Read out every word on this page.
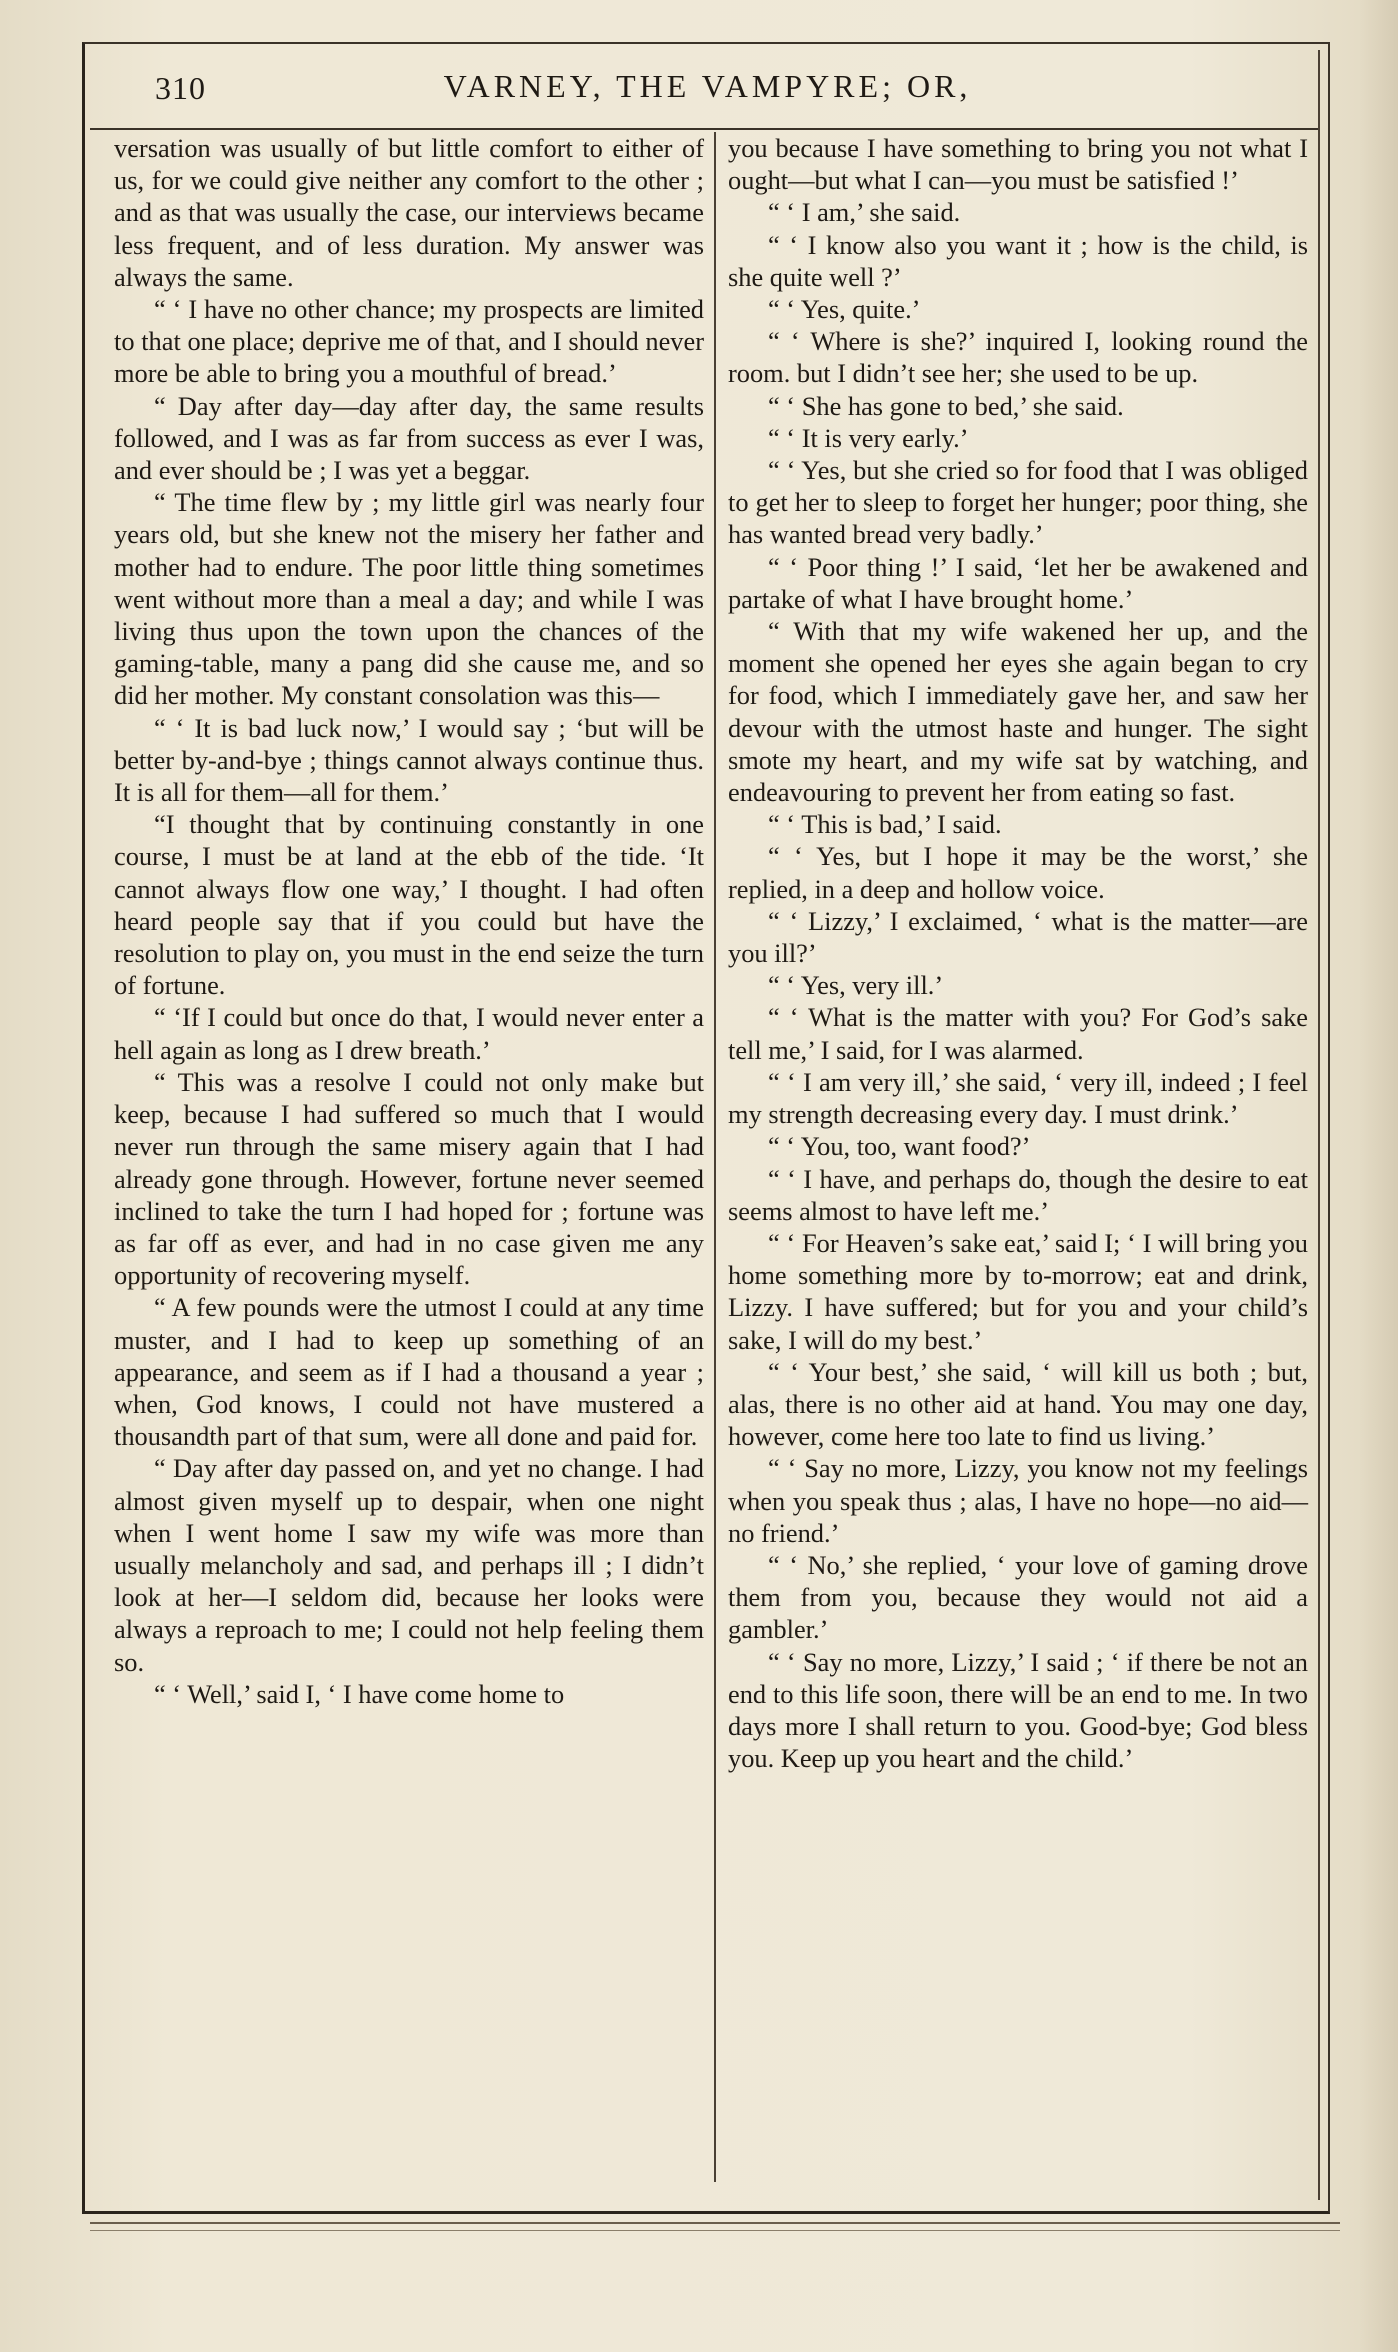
310	VARNEY, THE VAMPYRE; OR,

versation was usually of but little comfort to either of us, for we could give neither any comfort to the other ; and as that was usually the case, our interviews became less frequent, and of less duration. My answer was always the same.

“ ‘ I have no other chance; my prospects are limited to that one place; deprive me of that, and I should never more be able to bring you a mouthful of bread.’

“ Day after day—day after day, the same results followed, and I was as far from success as ever I was, and ever should be ; I was yet a beggar.

“ The time flew by ; my little girl was nearly four years old, but she knew not the misery her father and mother had to endure. The poor little thing sometimes went without more than a meal a day; and while I was living thus upon the town upon the chances of the gaming-table, many a pang did she cause me, and so did her mother. My constant consolation was this—

“ ‘ It is bad luck now,’ I would say ; ‘but will be better by-and-bye ; things cannot always continue thus. It is all for them—all for them.’

“I thought that by continuing constantly in one course, I must be at land at the ebb of the tide. ‘It cannot always flow one way,’ I thought. I had often heard people say that if you could but have the resolution to play on, you must in the end seize the turn of fortune.

“ ‘If I could but once do that, I would never enter a hell again as long as I drew breath.’

“ This was a resolve I could not only make but keep, because I had suffered so much that I would never run through the same misery again that I had already gone through. However, fortune never seemed inclined to take the turn I had hoped for ; fortune was as far off as ever, and had in no case given me any opportunity of recovering myself.

“ A few pounds were the utmost I could at any time muster, and I had to keep up something of an appearance, and seem as if I had a thousand a year ; when, God knows, I could not have mustered a thousandth part of that sum, were all done and paid for.

“ Day after day passed on, and yet no change. I had almost given myself up to despair, when one night when I went home I saw my wife was more than usually melancholy and sad, and perhaps ill ; I didn’t look at her—I seldom did, because her looks were always a reproach to me; I could not help feeling them so.

“ ‘ Well,’ said I, ‘ I have come home to

you because I have something to bring you not what I ought—but what I can—you must be satisfied !’

“ ‘ I am,’ she said.

“ ‘ I know also you want it ; how is the child, is she quite well ?’

“ ‘ Yes, quite.’

“ ‘ Where is she?’ inquired I, looking round the room. but I didn’t see her; she used to be up.

“ ‘ She has gone to bed,’ she said.

“ ‘ It is very early.’

“ ‘ Yes, but she cried so for food that I was obliged to get her to sleep to forget her hunger; poor thing, she has wanted bread very badly.’

“ ‘ Poor thing !’ I said, ‘let her be awakened and partake of what I have brought home.’

“ With that my wife wakened her up, and the moment she opened her eyes she again began to cry for food, which I immediately gave her, and saw her devour with the utmost haste and hunger. The sight smote my heart, and my wife sat by watching, and endeavouring to prevent her from eating so fast.

“ ‘ This is bad,’ I said.

“ ‘ Yes, but I hope it may be the worst,’ she replied, in a deep and hollow voice.

“ ‘ Lizzy,’ I exclaimed, ‘ what is the matter—are you ill?’

“ ‘ Yes, very ill.’

“ ‘ What is the matter with you? For God’s sake tell me,’ I said, for I was alarmed.

“ ‘ I am very ill,’ she said, ‘ very ill, indeed ; I feel my strength decreasing every day. I must drink.’

“ ‘ You, too, want food?’

“ ‘ I have, and perhaps do, though the desire to eat seems almost to have left me.’

“ ‘ For Heaven’s sake eat,’ said I; ‘ I will bring you home something more by to-morrow; eat and drink, Lizzy. I have suffered; but for you and your child’s sake, I will do my best.’

“ ‘ Your best,’ she said, ‘ will kill us both ; but, alas, there is no other aid at hand. You may one day, however, come here too late to find us living.’

“ ‘ Say no more, Lizzy, you know not my feelings when you speak thus ; alas, I have no hope—no aid—no friend.’

“ ‘ No,’ she replied, ‘ your love of gaming drove them from you, because they would not aid a gambler.’

“ ‘ Say no more, Lizzy,’ I said ; ‘ if there be not an end to this life soon, there will be an end to me. In two days more I shall return to you. Good-bye; God bless you. Keep up you heart and the child.’
